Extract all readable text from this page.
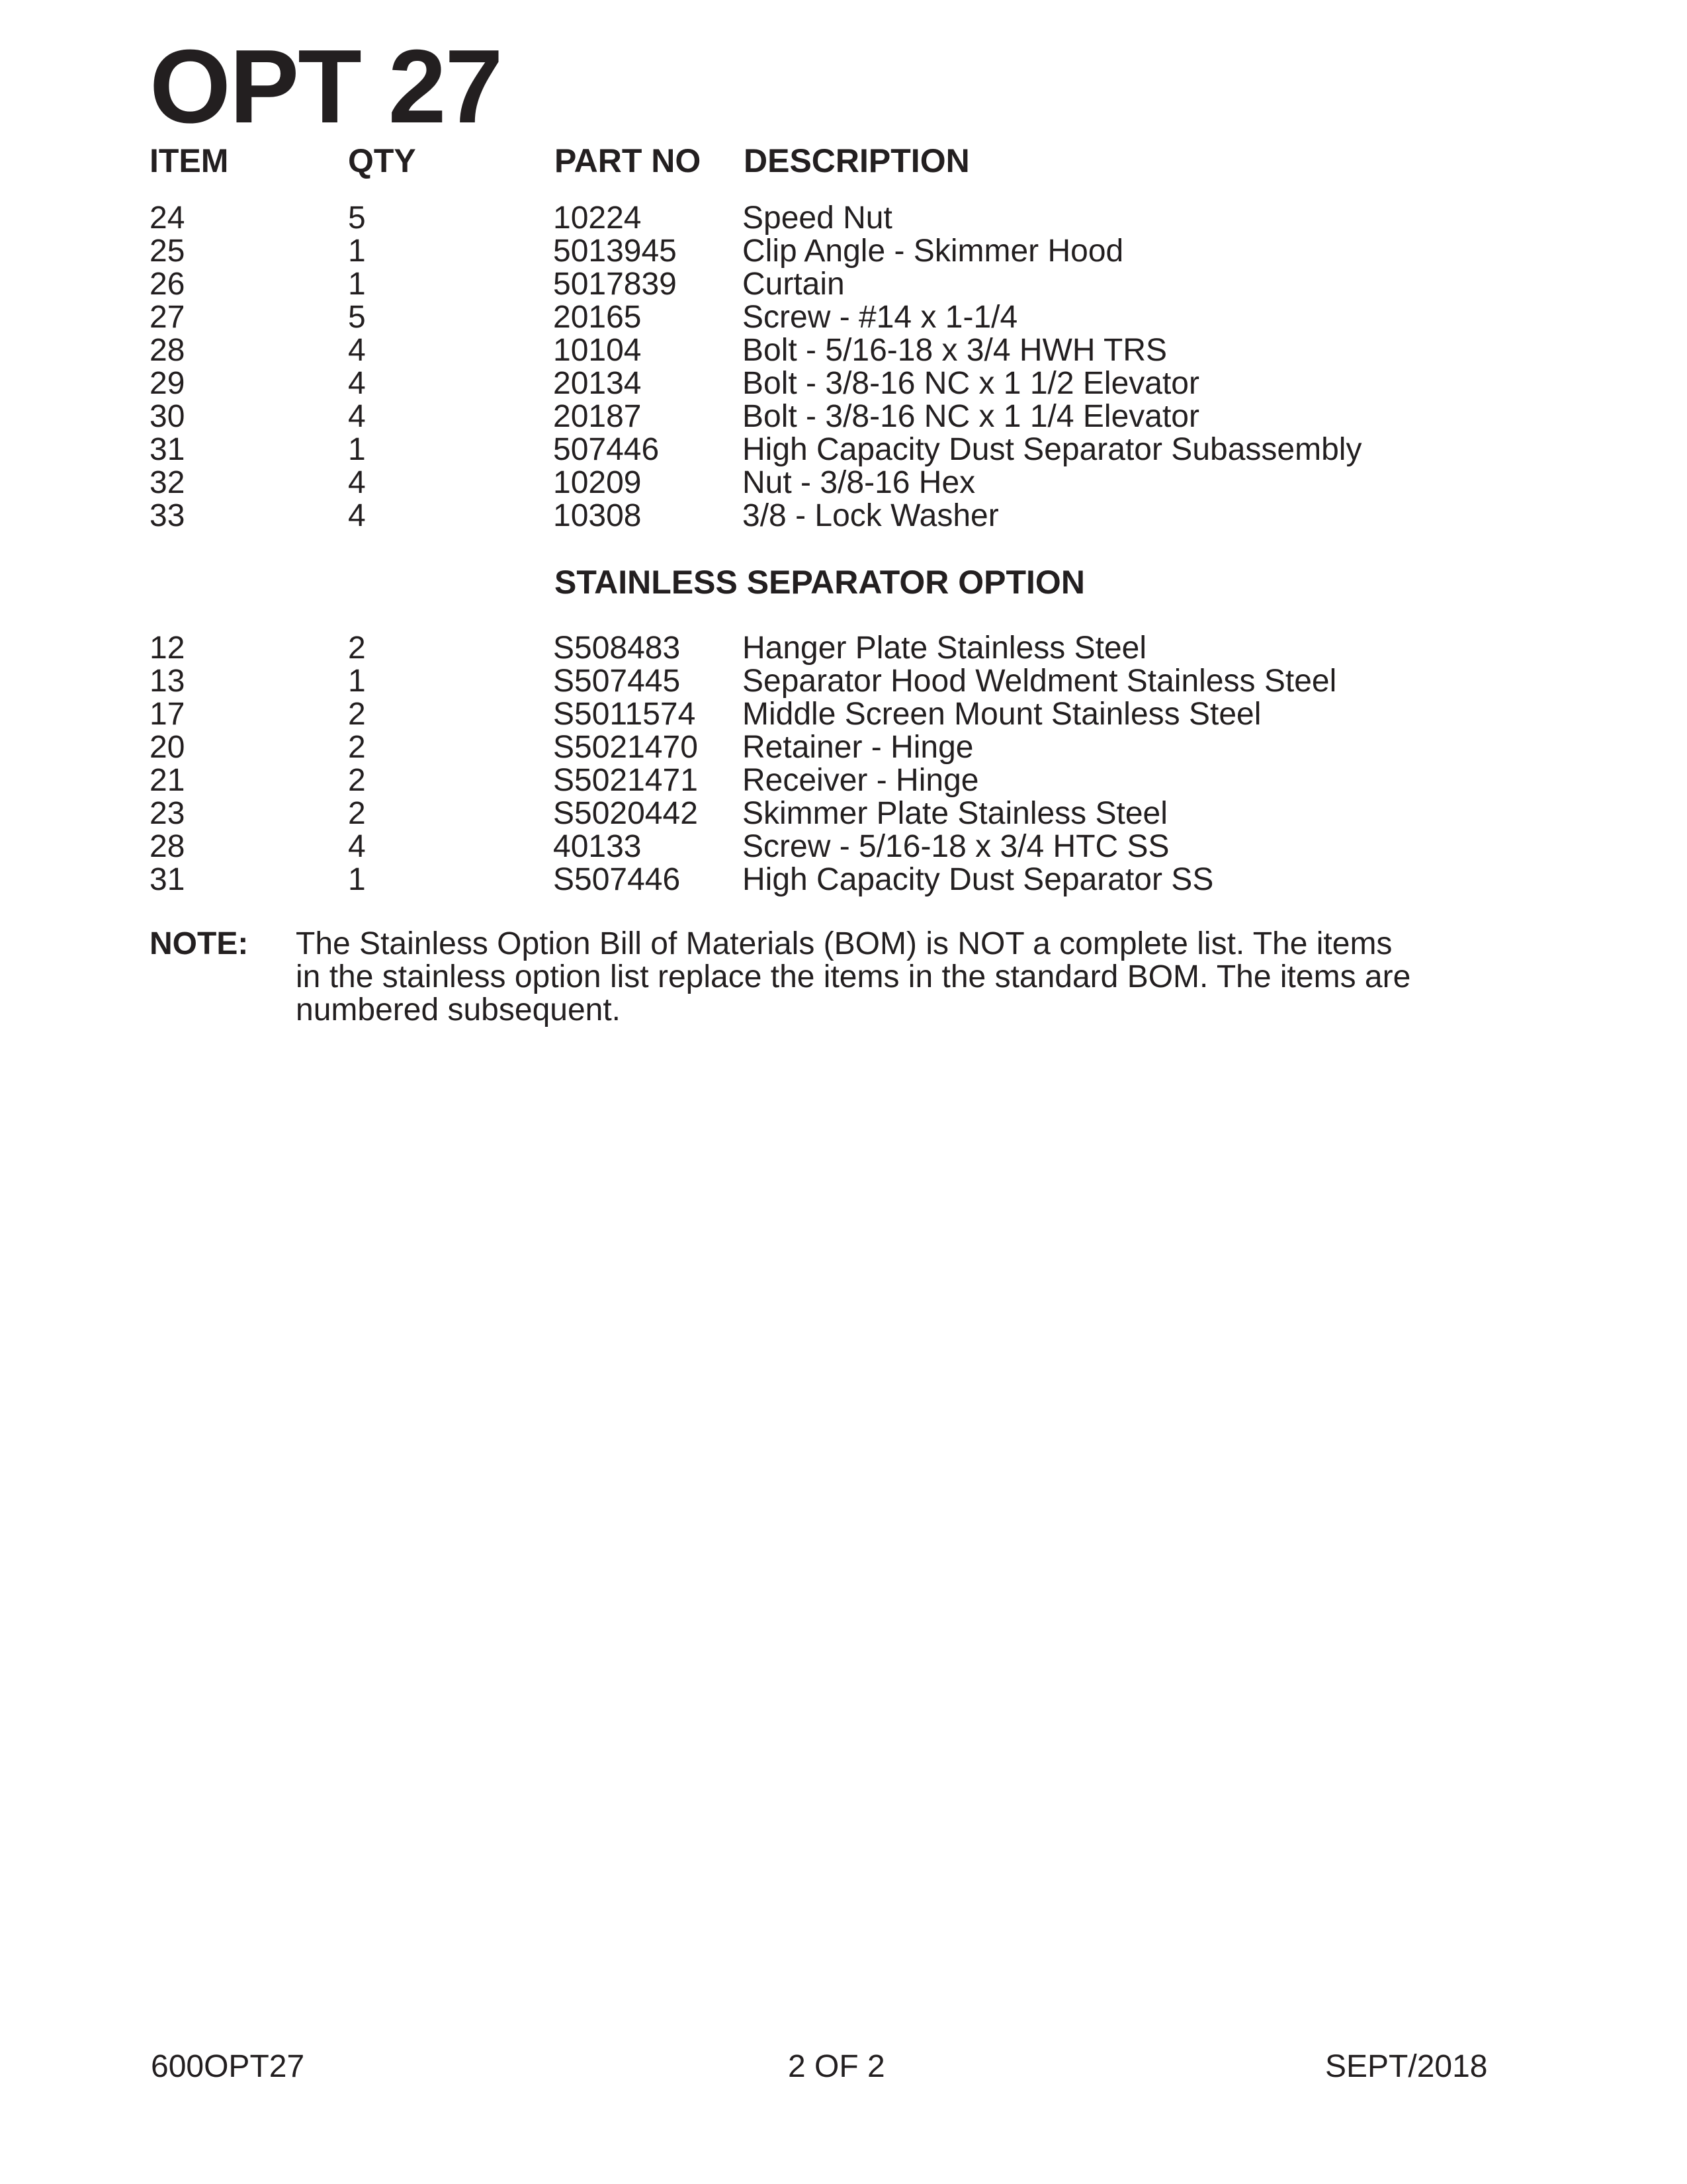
OPT 27
ITEM	QTY	PART NO DESCRIPTION
24	5	10224	Speed Nut
25	1	5013945 Clip Angle - Skimmer Hood
26	1	5017839 Curtain
27	5	20165	Screw - #14 x 1-1/4
28	4	10104	Bolt - 5/16-18 x 3/4 HWH TRS
29	4	20134	Bolt - 3/8-16 NC x 1 1/2 Elevator
30	4	20187	Bolt - 3/8-16 NC x 1 1/4 Elevator
31	1	507446	High Capacity Dust Separator Subassembly
32	4	10209	Nut - 3/8-16 Hex
33	4	10308	3/8 - Lock Washer
STAINLESS SEPARATOR OPTION
12	2	S508483 Hanger Plate Stainless Steel
13	1	S507445 Separator Hood Weldment Stainless Steel
17	2	S5011574 Middle Screen Mount Stainless Steel
20	2	S5021470 Retainer - Hinge
21	2	S5021471 Receiver - Hinge
23	2	S5020442 Skimmer Plate Stainless Steel
28	4	40133	Screw - 5/16-18 x 3/4 HTC SS
31	1	S507446 High Capacity Dust Separator SS
NOTE: The Stainless Option Bill of Materials (BOM) is NOT a complete list. The items
in the stainless option list replace the items in the standard BOM. The items are
numbered subsequent.
600OPT27	2 OF 2	SEPT/2018
